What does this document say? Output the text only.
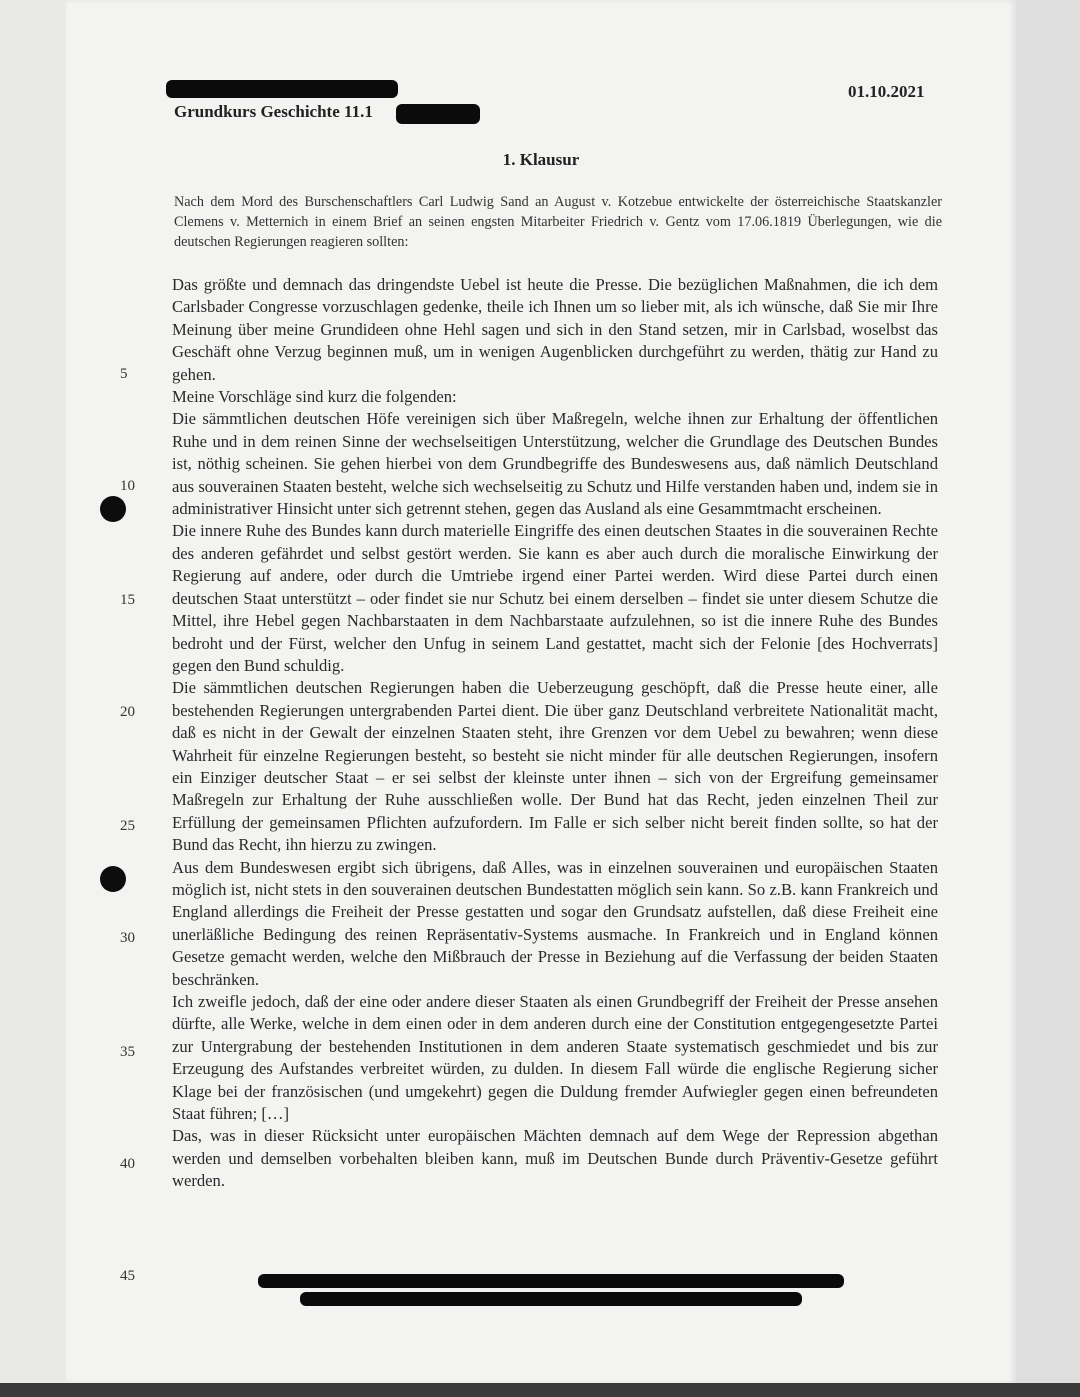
Grundkurs Geschichte 11.1
01.10.2021
1. Klausur
Nach dem Mord des Burschenschaftlers Carl Ludwig Sand an August v. Kotzebue entwickelte der österreichische Staatskanzler Clemens v. Metternich in einem Brief an seinen engsten Mitarbeiter Friedrich v. Gentz vom 17.06.1819 Überlegungen, wie die deutschen Regierungen reagieren sollten:

Das größte und demnach das dringendste Uebel ist heute die Presse. Die bezüglichen Maßnahmen, die ich dem Carlsbader Congresse vorzuschlagen gedenke, theile ich Ihnen um so lieber mit, als ich wünsche, daß Sie mir Ihre Meinung über meine Grundideen ohne Hehl sagen und sich in den Stand setzen, mir in Carlsbad, woselbst das Geschäft ohne Verzug beginnen muß, um in wenigen Augenblicken durchgeführt zu werden, thätig zur Hand zu gehen.

Meine Vorschläge sind kurz die folgenden:

Die sämmtlichen deutschen Höfe vereinigen sich über Maßregeln, welche ihnen zur Erhaltung der öffentlichen Ruhe und in dem reinen Sinne der wechselseitigen Unterstützung, welcher die Grundlage des Deutschen Bundes ist, nöthig scheinen. Sie gehen hierbei von dem Grundbegriffe des Bundeswesens aus, daß nämlich Deutschland aus souverainen Staaten besteht, welche sich wechselseitig zu Schutz und Hilfe verstanden haben und, indem sie in administrativer Hinsicht unter sich getrennt stehen, gegen das Ausland als eine Gesammtmacht erscheinen.

Die innere Ruhe des Bundes kann durch materielle Eingriffe des einen deutschen Staates in die souverainen Rechte des anderen gefährdet und selbst gestört werden. Sie kann es aber auch durch die moralische Einwirkung der Regierung auf andere, oder durch die Umtriebe irgend einer Partei werden. Wird diese Partei durch einen deutschen Staat unterstützt – oder findet sie nur Schutz bei einem derselben – findet sie unter diesem Schutze die Mittel, ihre Hebel gegen Nachbarstaaten in dem Nachbarstaate aufzulehnen, so ist die innere Ruhe des Bundes bedroht und der Fürst, welcher den Unfug in seinem Land gestattet, macht sich der Felonie [des Hochverrats] gegen den Bund schuldig.

Die sämmtlichen deutschen Regierungen haben die Ueberzeugung geschöpft, daß die Presse heute einer, alle bestehenden Regierungen untergrabenden Partei dient. Die über ganz Deutschland verbreitete Nationalität macht, daß es nicht in der Gewalt der einzelnen Staaten steht, ihre Grenzen vor dem Uebel zu bewahren; wenn diese Wahrheit für einzelne Regierungen besteht, so besteht sie nicht minder für alle deutschen Regierungen, insofern ein Einziger deutscher Staat – er sei selbst der kleinste unter ihnen – sich von der Ergreifung gemeinsamer Maßregeln zur Erhaltung der Ruhe ausschließen wolle. Der Bund hat das Recht, jeden einzelnen Theil zur Erfüllung der gemeinsamen Pflichten aufzufordern. Im Falle er sich selber nicht bereit finden sollte, so hat der Bund das Recht, ihn hierzu zu zwingen.

Aus dem Bundeswesen ergibt sich übrigens, daß Alles, was in einzelnen souverainen und europäischen Staaten möglich ist, nicht stets in den souverainen deutschen Bundestatten möglich sein kann. So z.B. kann Frankreich und England allerdings die Freiheit der Presse gestatten und sogar den Grundsatz aufstellen, daß diese Freiheit eine unerläßliche Bedingung des reinen Repräsentativ-Systems ausmache. In Frankreich und in England können Gesetze gemacht werden, welche den Mißbrauch der Presse in Beziehung auf die Verfassung der beiden Staaten beschränken.

Ich zweifle jedoch, daß der eine oder andere dieser Staaten als einen Grundbegriff der Freiheit der Presse ansehen dürfte, alle Werke, welche in dem einen oder in dem anderen durch eine der Constitution entgegengesetzte Partei zur Untergrabung der bestehenden Institutionen in dem anderen Staate systematisch geschmiedet und bis zur Erzeugung des Aufstandes verbreitet würden, zu dulden. In diesem Fall würde die englische Regierung sicher Klage bei der französischen (und umgekehrt) gegen die Duldung fremder Aufwiegler gegen einen befreundeten Staat führen; […]

Das, was in dieser Rücksicht unter europäischen Mächten demnach auf dem Wege der Repression abgethan werden und demselben vorbehalten bleiben kann, muß im Deutschen Bunde durch Präventiv-Gesetze geführt werden.

5
10
15
20
25
30
35
40
45
